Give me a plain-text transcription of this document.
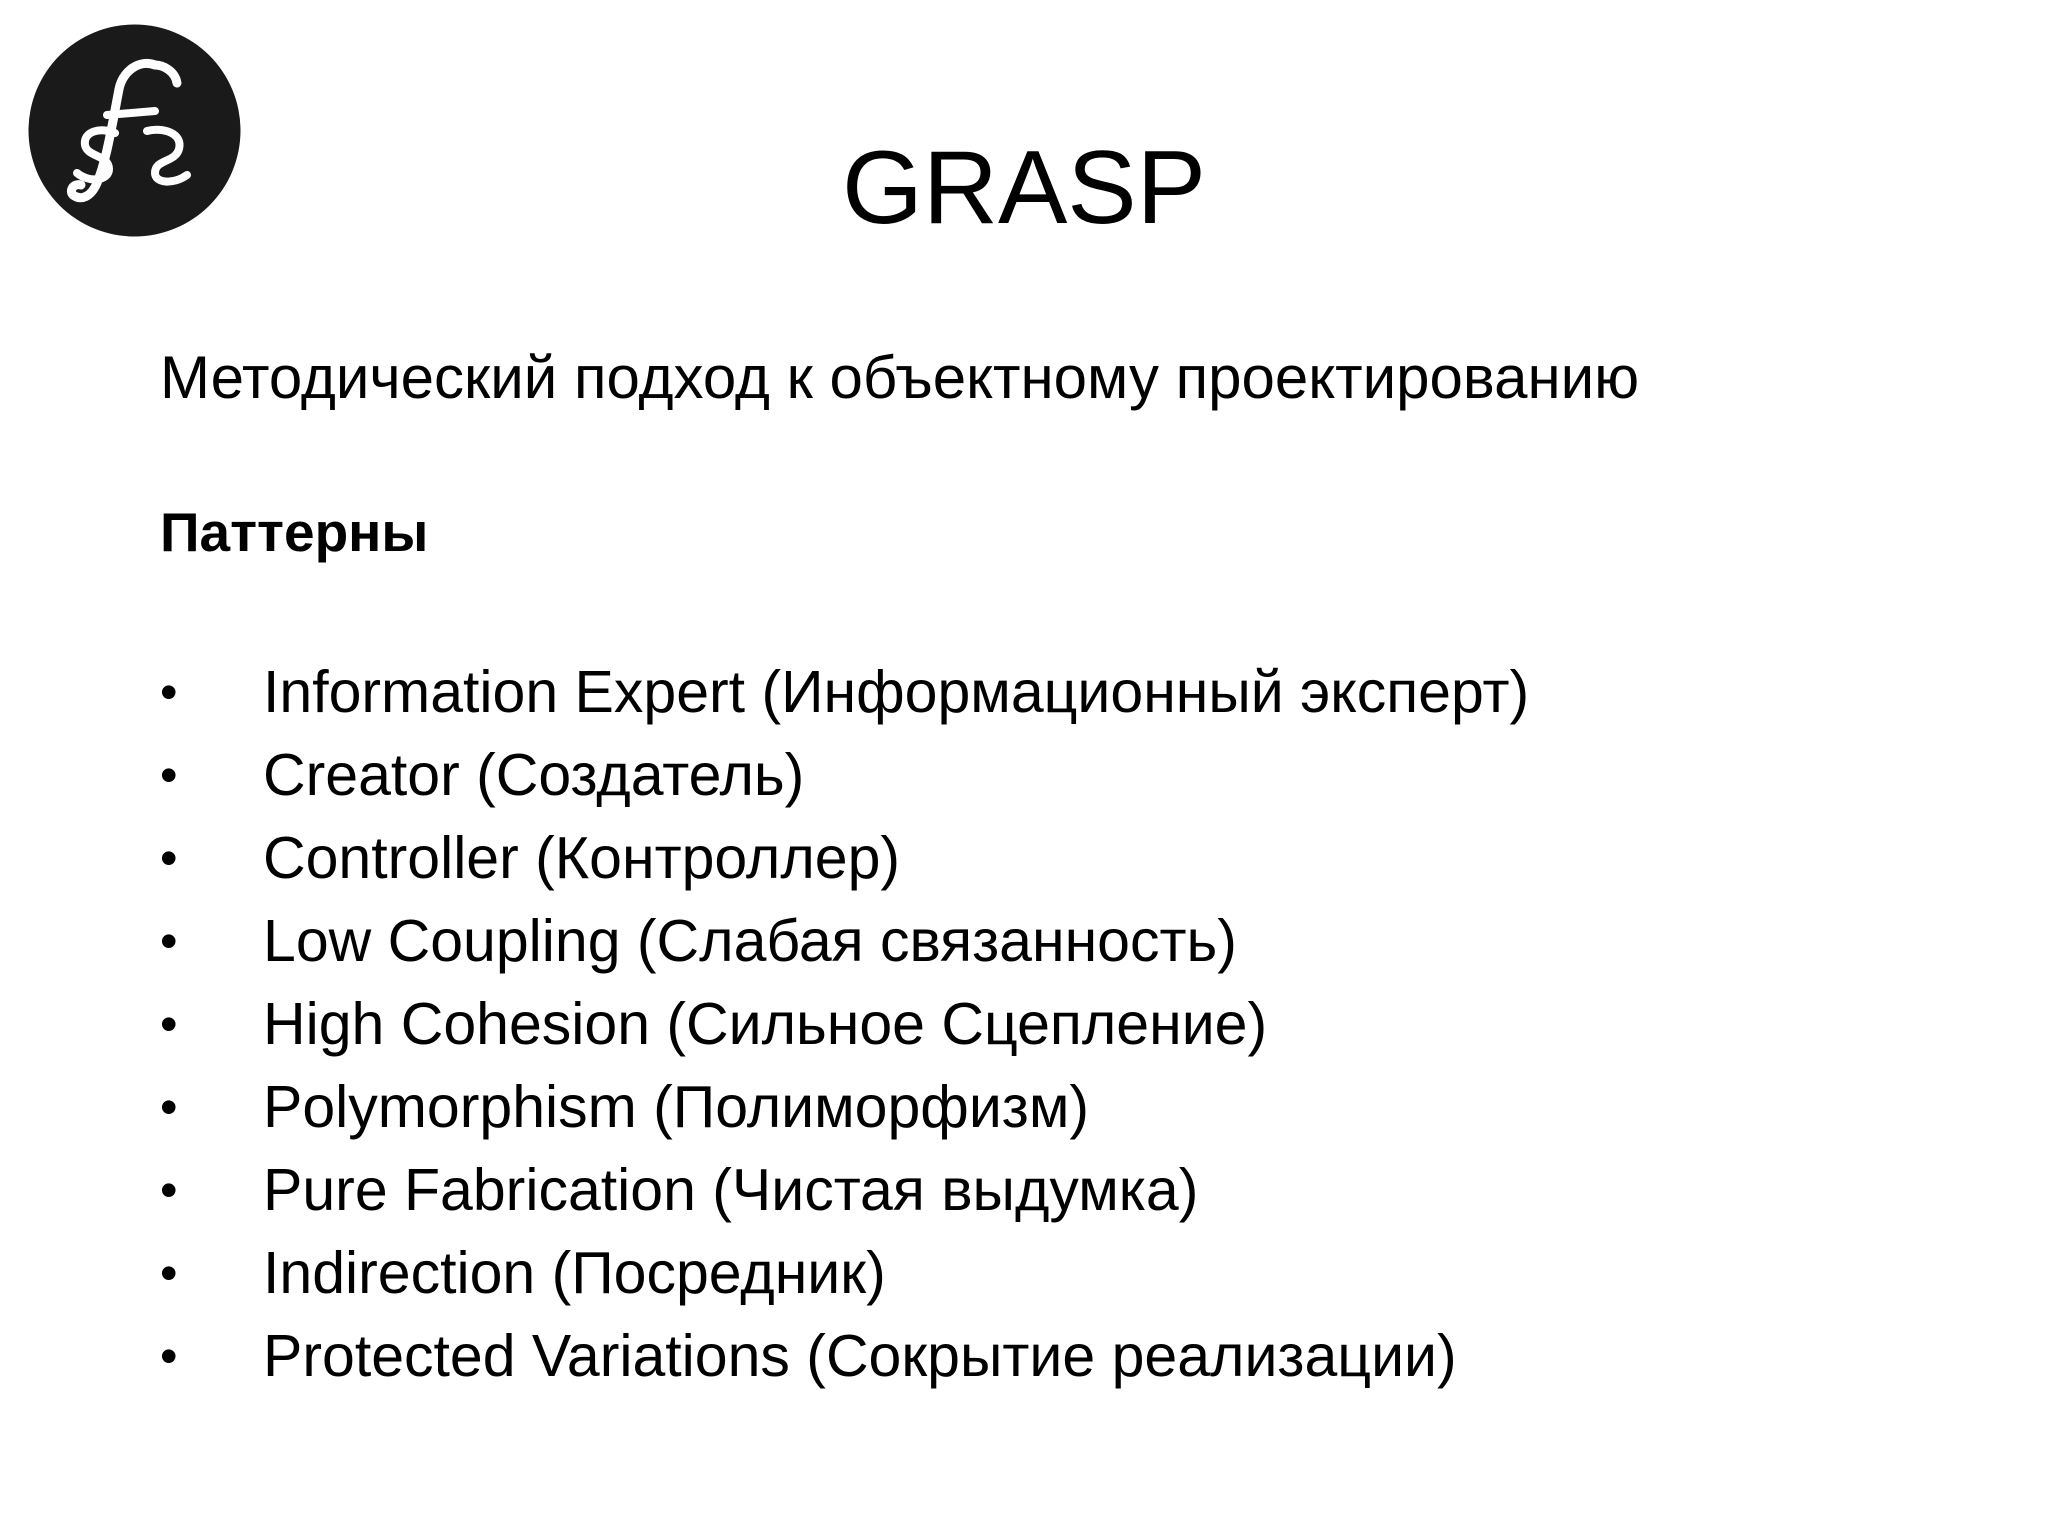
GRASP

Методический подход к объектному проектированию

Паттерны

• Information Expert (Информационный эксперт)
• Creator (Создатель)
• Controller (Контроллер)
• Low Coupling (Слабая связанность)
• High Cohesion (Сильное Сцепление)
• Polymorphism (Полиморфизм)
• Pure Fabrication (Чистая выдумка)
• Indirection (Посредник)
• Protected Variations (Сокрытие реализации)
